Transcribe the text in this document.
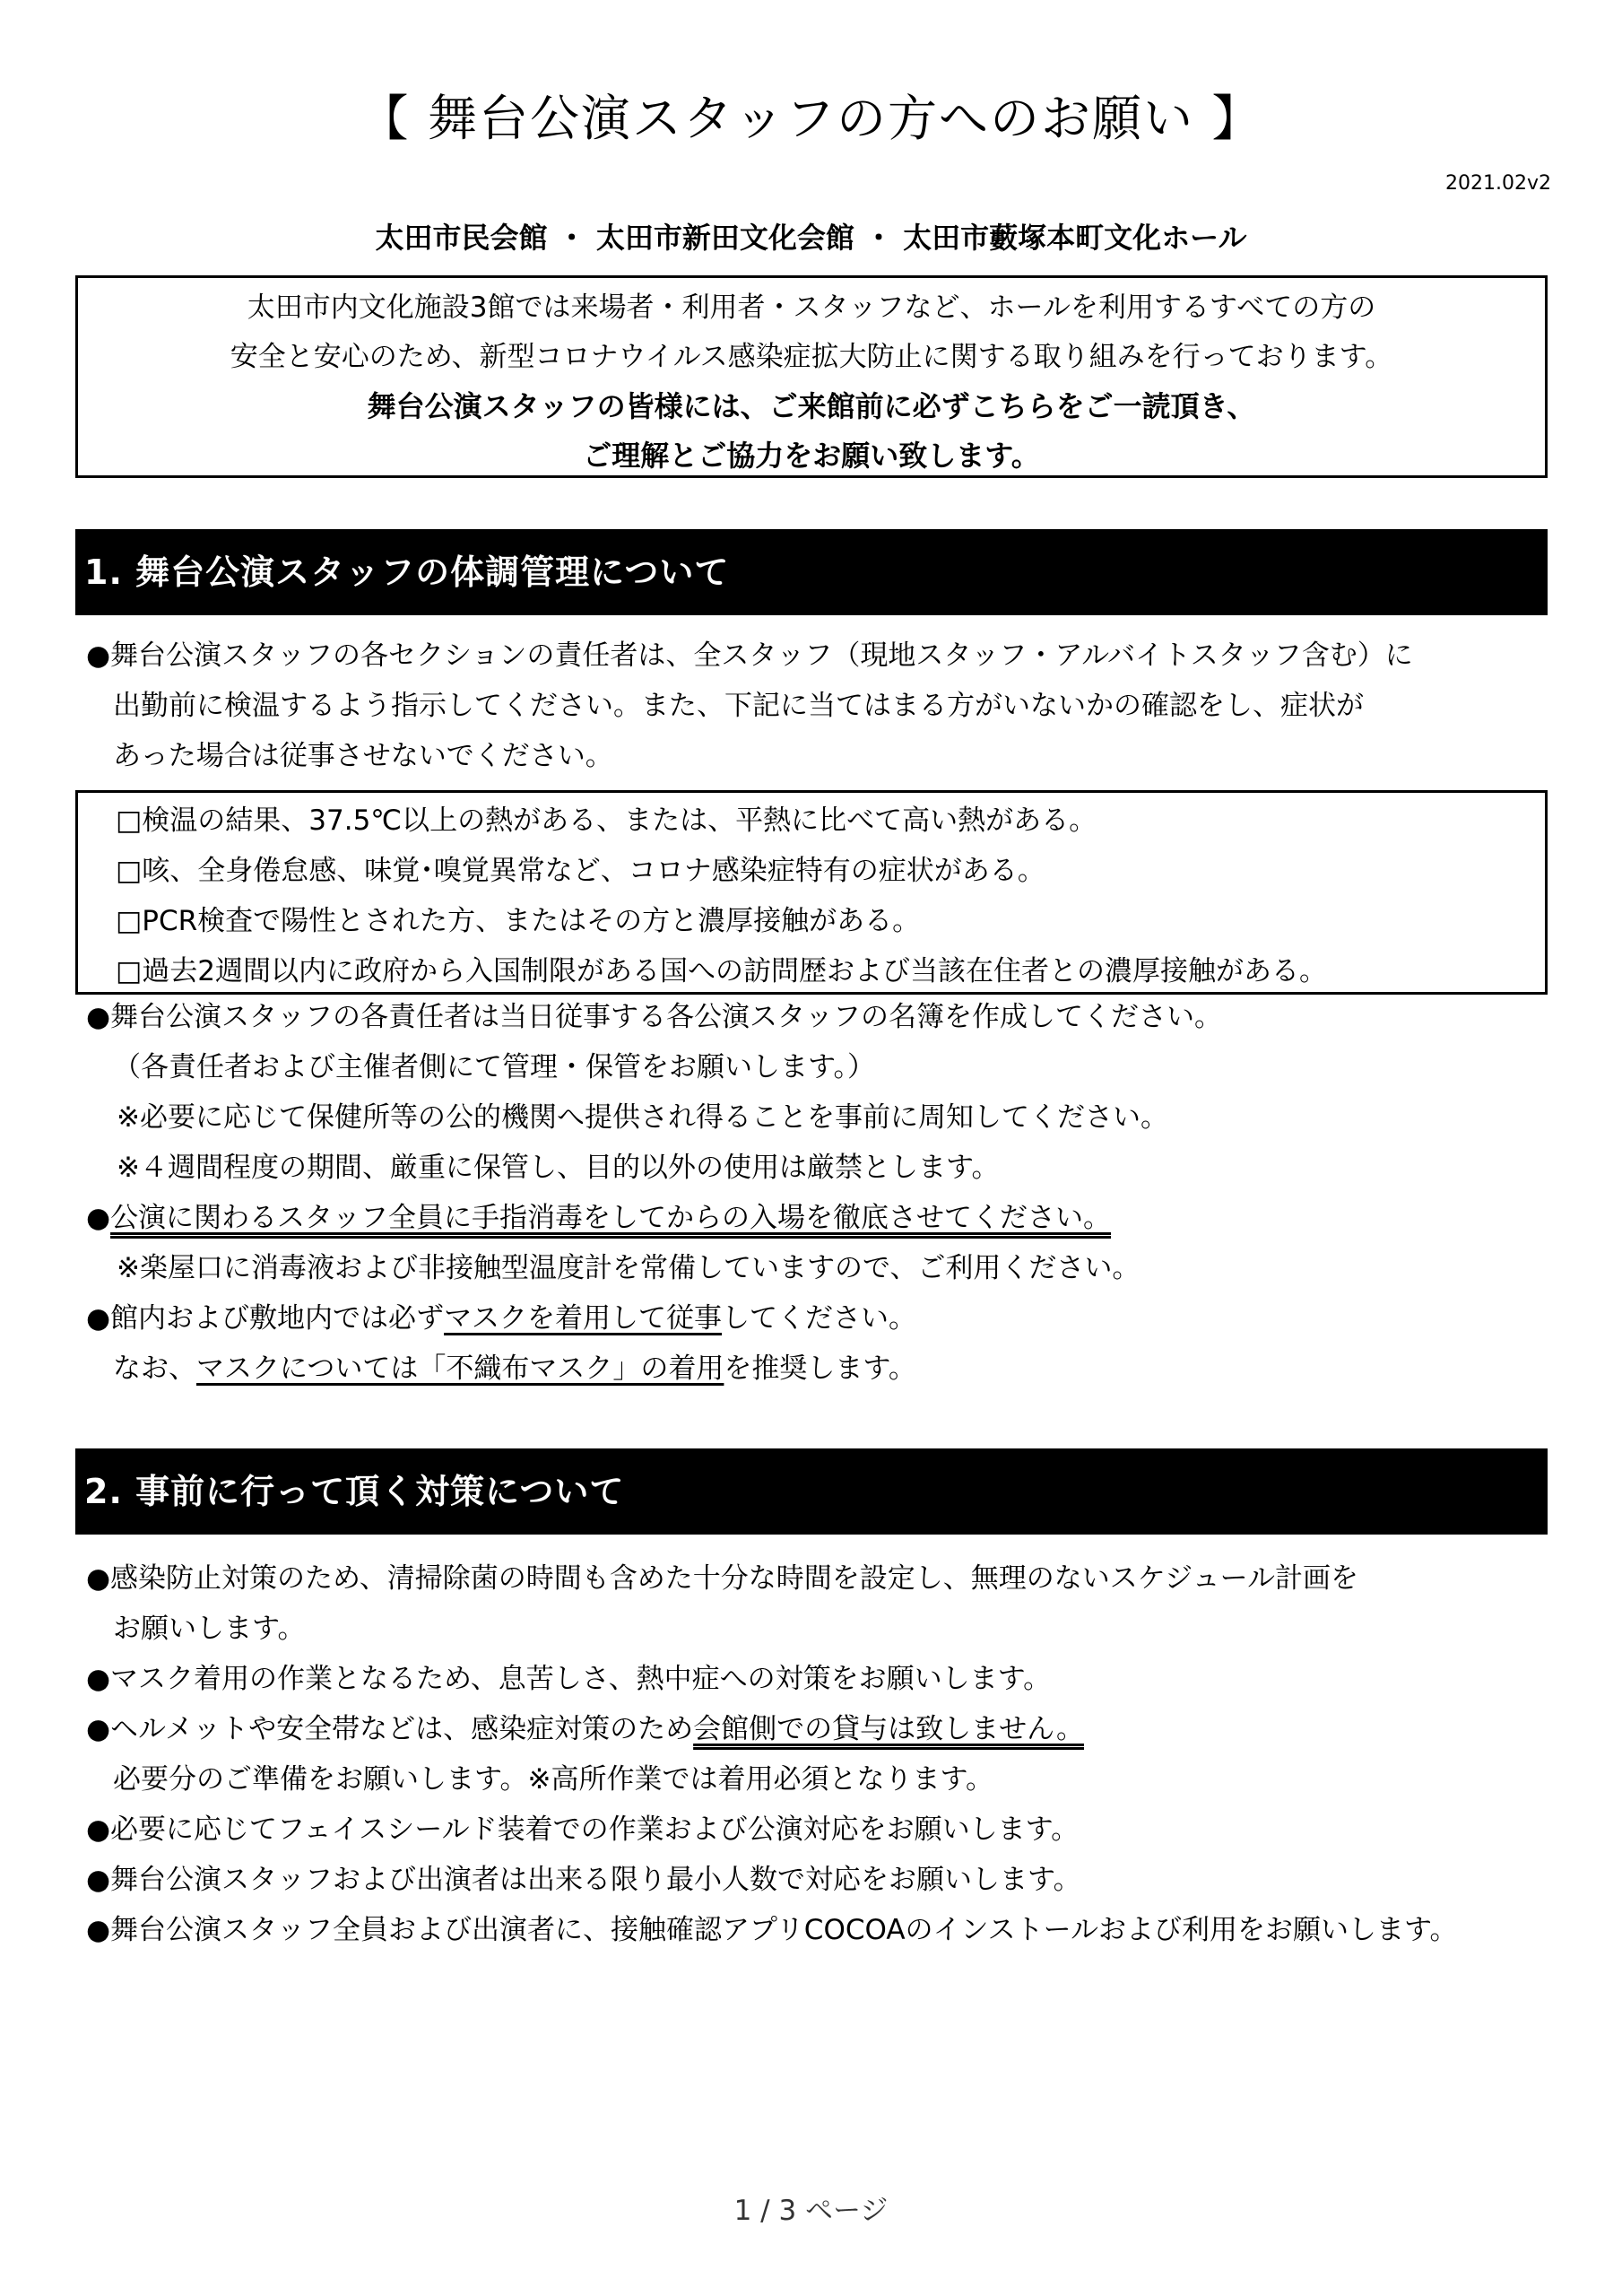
【 舞台公演スタッフの方へのお願い 】
2021.02v2
太田市民会館 ・ 太田市新田文化会館 ・ 太田市藪塚本町文化ホール
太田市内文化施設3館では来場者・利用者・スタッフなど、ホールを利用するすべての方の
安全と安心のため、新型コロナウイルス感染症拡大防止に関する取り組みを行っております。
舞台公演スタッフの皆様には、ご来館前に必ずこちらをご一読頂き、
ご理解とご協力をお願い致します。
1. 舞台公演スタッフの体調管理について
●舞台公演スタッフの各セクションの責任者は、全スタッフ（現地スタッフ・アルバイトスタッフ含む）に
出勤前に検温するよう指示してください。また、下記に当てはまる方がいないかの確認をし、症状が
あった場合は従事させないでください。
□検温の結果、37.5℃以上の熱がある、または、平熱に比べて高い熱がある。
□咳、全身倦怠感、味覚･嗅覚異常など、コロナ感染症特有の症状がある。
□PCR検査で陽性とされた方、またはその方と濃厚接触がある。
□過去2週間以内に政府から入国制限がある国への訪問歴および当該在住者との濃厚接触がある。
●舞台公演スタッフの各責任者は当日従事する各公演スタッフの名簿を作成してください。
（各責任者および主催者側にて管理・保管をお願いします。）
※必要に応じて保健所等の公的機関へ提供され得ることを事前に周知してください。
※４週間程度の期間、厳重に保管し、目的以外の使用は厳禁とします。
●公演に関わるスタッフ全員に手指消毒をしてからの入場を徹底させてください。
※楽屋口に消毒液および非接触型温度計を常備していますので、ご利用ください。
●館内および敷地内では必ずマスクを着用して従事してください。
なお、マスクについては「不織布マスク」の着用を推奨します。
2. 事前に行って頂く対策について
●感染防止対策のため、清掃除菌の時間も含めた十分な時間を設定し、無理のないスケジュール計画を
お願いします。
●マスク着用の作業となるため、息苦しさ、熱中症への対策をお願いします。
●ヘルメットや安全帯などは、感染症対策のため会館側での貸与は致しません。
必要分のご準備をお願いします。※高所作業では着用必須となります。
●必要に応じてフェイスシールド装着での作業および公演対応をお願いします。
●舞台公演スタッフおよび出演者は出来る限り最小人数で対応をお願いします。
●舞台公演スタッフ全員および出演者に、接触確認アプリCOCOAのインストールおよび利用をお願いします。
1 / 3 ページ
